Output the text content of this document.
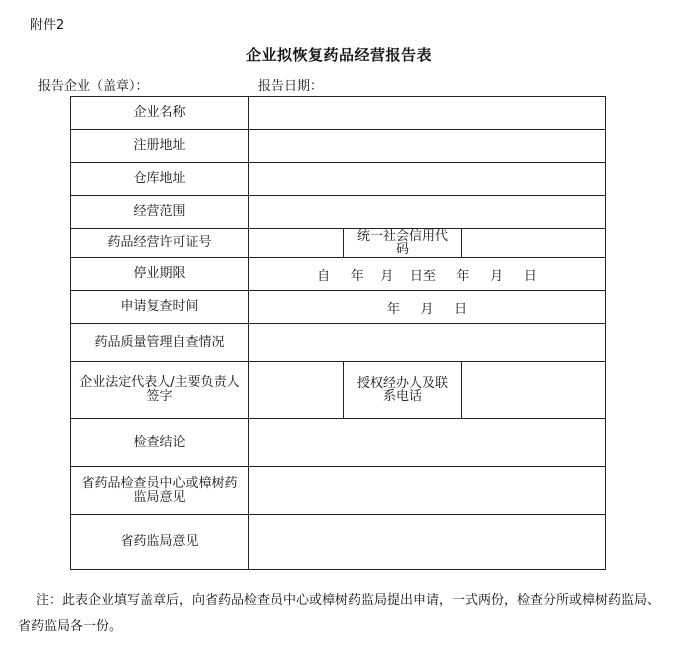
附件2
企业拟恢复药品经营报告表
报告企业（盖章）：	报告日期：
企业名称			
注册地址			
仓库地址			
经营范围			
药品经营许可证号		统一社会信用代码	
停业期限	自     年    月    日至     年     月     日		
申请复查时间	年     月     日		
药品质量管理自查情况			
企业法定代表人/主要负责人签字		授权经办人及联系电话	
检查结论			
省药品检查员中心或樟树药监局意见			
省药监局意见			
注：此表企业填写盖章后，向省药品检查员中心或樟树药监局提出申请，一式两份，检查分所或樟树药监局、省药监局各一份。
